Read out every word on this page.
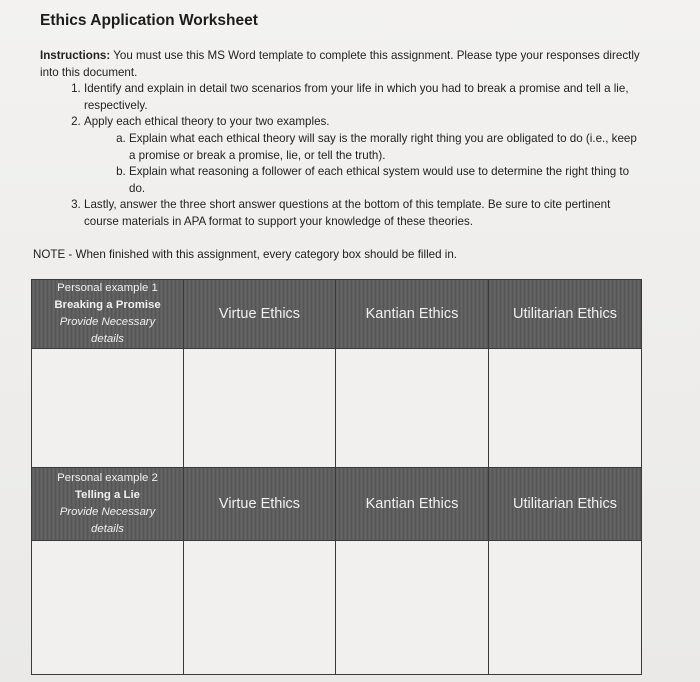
Ethics Application Worksheet
Instructions: You must use this MS Word template to complete this assignment. Please type your responses directly into this document.
1. Identify and explain in detail two scenarios from your life in which you had to break a promise and tell a lie, respectively.
2. Apply each ethical theory to your two examples.
a. Explain what each ethical theory will say is the morally right thing you are obligated to do (i.e., keep a promise or break a promise, lie, or tell the truth).
b. Explain what reasoning a follower of each ethical system would use to determine the right thing to do.
3. Lastly, answer the three short answer questions at the bottom of this template. Be sure to cite pertinent course materials in APA format to support your knowledge of these theories.
NOTE - When finished with this assignment, every category box should be filled in.
Personal example 1
Breaking a Promise
Provide Necessary
details	Virtue Ethics	Kantian Ethics	Utilitarian Ethics

Personal example 2
Telling a Lie
Provide Necessary
details	Virtue Ethics	Kantian Ethics	Utilitarian Ethics
